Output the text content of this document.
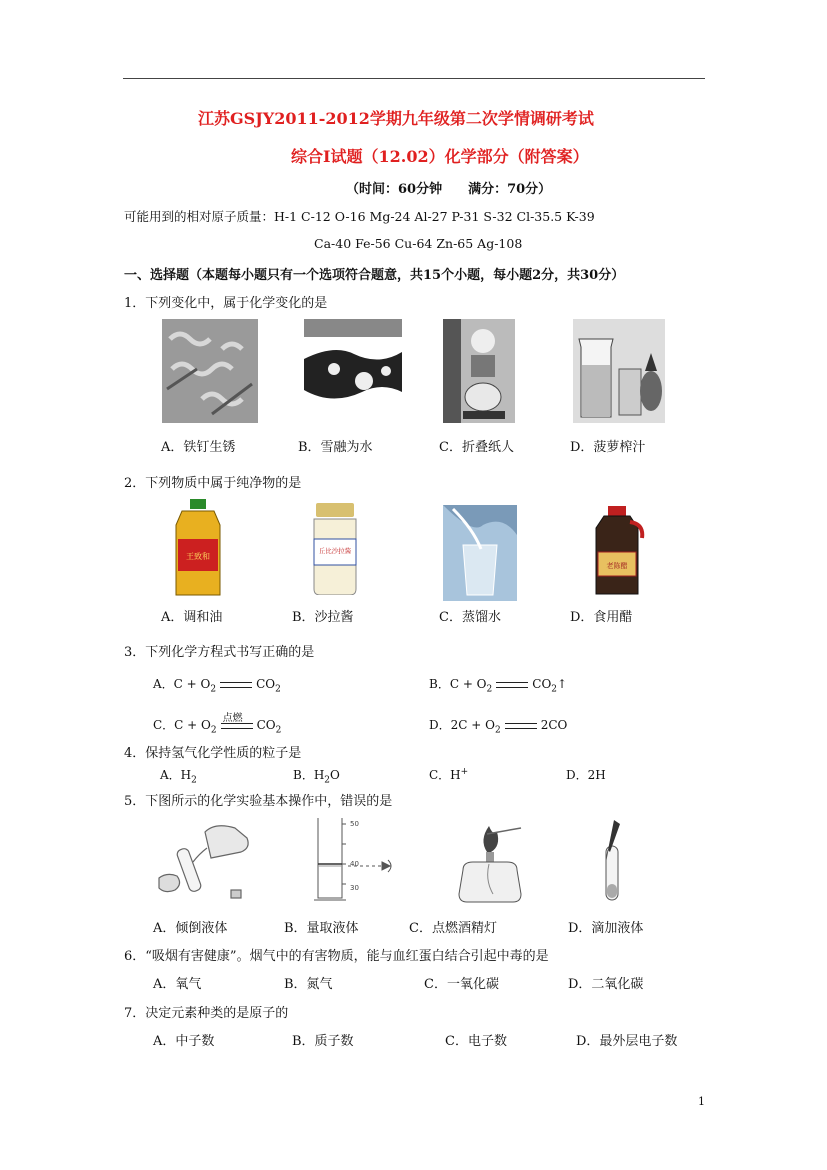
江苏GSJY2011-2012学期九年级第二次学情调研考试
综合Ⅰ试题（12.02）化学部分（附答案）
（时间：60分钟　　满分：70分）
可能用到的相对原子质量：H-1 C-12 O-16 Mg-24 Al-27 P-31 S-32 Cl-35.5 K-39
Ca-40 Fe-56 Cu-64 Zn-65 Ag-108
一、选择题（本题每小题只有一个选项符合题意，共15个小题，每小题2分，共30分）
1．下列变化中，属于化学变化的是
A．铁钉生锈	B．雪融为水	C．折叠纸人	D．菠萝榨汁
2．下列物质中属于纯净物的是
王致和
丘比沙拉酱
老陈醋
A．调和油	B．沙拉酱	C．蒸馏水	D．食用醋
3．下列化学方程式书写正确的是
A．$C + O_2$	$CO_2$	B．$C + O_2$	$CO_2↑$
C．$C + O_2$
点燃 $CO_2$	D．$2C + O_2$	2CO
4．保持氢气化学性质的粒子是
A．$H_2$	B．$H_2O$	C．H+	D．2H
5．下图所示的化学实验基本操作中，错误的是
50
40
30
A．倾倒液体	B．量取液体	C．点燃酒精灯	D．滴加液体
6．“吸烟有害健康”。烟气中的有害物质，能与血红蛋白结合引起中毒的是
A．氧气	B．氮气	C．一氧化碳	D．二氧化碳
7．决定元素种类的是原子的
A．中子数	B．质子数	C．电子数	D．最外层电子数
1
